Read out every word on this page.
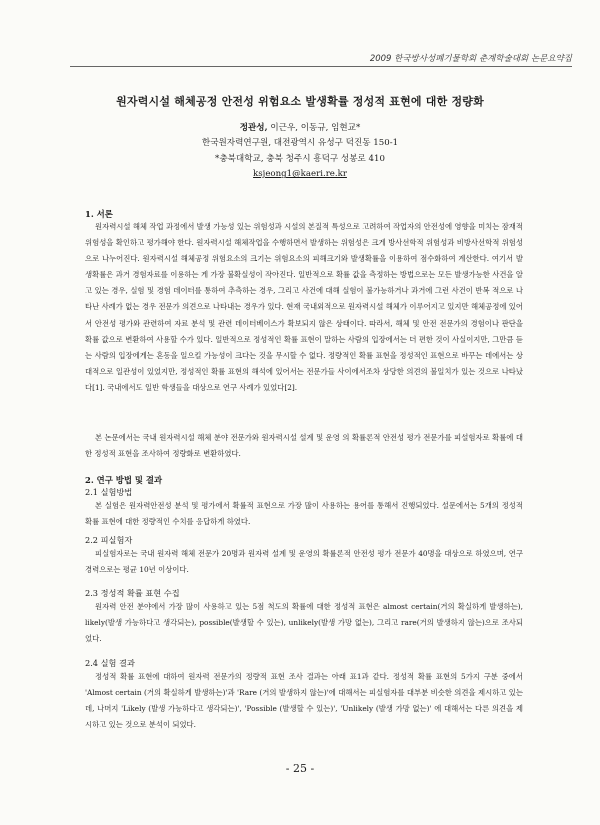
2009 한국방사성폐기물학회 춘계학술대회 논문요약집
원자력시설 해체공정 안전성 위험요소 발생확률 정성적 표현에 대한 정량화
정관성, 이근우, 이동규, 임현교*
한국원자력연구원, 대전광역시 유성구 덕진동 150-1
*충북대학교, 충북 청주시 흥덕구 성봉로 410
ksjeong1@kaeri.re.kr
1. 서론
원자력시설 해체 작업 과정에서 발생 가능성 있는 위험성과 시설의 본질적 특성으로 고려하여 작업자의 안전성에 영향을 미치는 잠재적 위험성을 확인하고 평가해야 한다. 원자력시설 해체작업을 수행하면서 발생하는 위험성은 크게 방사선학적 위험성과 비방사선학적 위험성으로 나누어진다. 원자력시설 해체공정 위험요소의 크기는 위험요소의 피해크기와 발생확률을 이용하여 점수화하여 계산한다. 여기서 발생확률은 과거 경험자료를 이용하는 게 가장 불확실성이 작아진다. 일반적으로 확률 값을 측정하는 방법으로는 모든 발생가능한 사건을 알고 있는 경우, 실험 및 경험 데이터를 통하여 추측하는 경우, 그리고 사건에 대해 실험이 불가능하거나 과거에 그런 사건이 반복 적으로 나타난 사례가 없는 경우 전문가 의견으로 나타내는 경우가 있다. 현재 국내외적으로 원자력시설 해체가 이루어지고 있지만 해체공정에 있어서 안전성 평가와 관련하여 자료 분석 및 관련 데이터베이스가 확보되지 않은 상태이다. 따라서, 해체 및 안전 전문가의 경험이나 판단을 확률 값으로 변환하여 사용할 수가 있다. 일반적으로 정성적인 확률 표현이 말하는 사람의 입장에서는 더 편한 것이 사실이지만, 그만큼 듣는 사람의 입장에게는 혼동을 일으킬 가능성이 크다는 것을 무시할 수 없다. 정량적인 확률 표현을 정성적인 표현으로 바꾸는 데에서는 상대적으로 일관성이 있었지만, 정성적인 확률 표현의 해석에 있어서는 전문가들 사이에서조차 상당한 의견의 불일치가 있는 것으로 나타났다[1]. 국내에서도 일반 학생들을 대상으로 연구 사례가 있었다[2].
본 논문에서는 국내 원자력시설 해체 분야 전문가와 원자력시설 설계 및 운영 의 확률론적 안전성 평가 전문가를 피설험자로 확률에 대한 정성적 표현을 조사하여 정량화로 변환하였다.
2. 연구 방법 및 결과
2.1 실험방법
본 실험은 원자력안전성 분석 및 평가에서 확률적 표현으로 가장 많이 사용하는 용어를 통해서 진행되었다. 설문에서는 5개의 정성적 확률 표현에 대한 정량적인 수치를 응답하게 하였다.
2.2 피실험자
피실험자로는 국내 원자력 해체 전문가 20명과 원자력 설계 및 운영의 확률론적 안전성 평가 전문가 40명을 대상으로 하였으며, 연구 경력으로는 평균 10년 이상이다.
2.3 정성적 확률 표현 수집
원자력 안전 분야에서 가장 많이 사용하고 있는 5점 척도의 확률에 대한 정성적 표현은 almost certain(거의 확실하게 발생하는), likely(발생 가능하다고 생각되는), possible(발생할 수 있는), unlikely(발생 가망 없는), 그리고 rare(거의 발생하지 않는)으로 조사되었다.
2.4 실험 결과
정성적 확률 표현에 대하여 원자력 전문가의 정량적 표현 조사 결과는 아래 표1과 같다. 정성적 확률 표현의 5가지 구분 중에서 'Almost certain (거의 확실하게 발생하는)'과 'Rare (거의 발생하지 않는)'에 대해서는 피실험자를 대부분 비슷한 의견을 제시하고 있는데, 나머지 'Likely (발생 가능하다고 생각되는)', 'Possible (발생할 수 있는)', 'Unlikely (발생 가망 없는)' 에 대해서는 다른 의견을 제시하고 있는 것으로 분석이 되었다.
- 25 -
